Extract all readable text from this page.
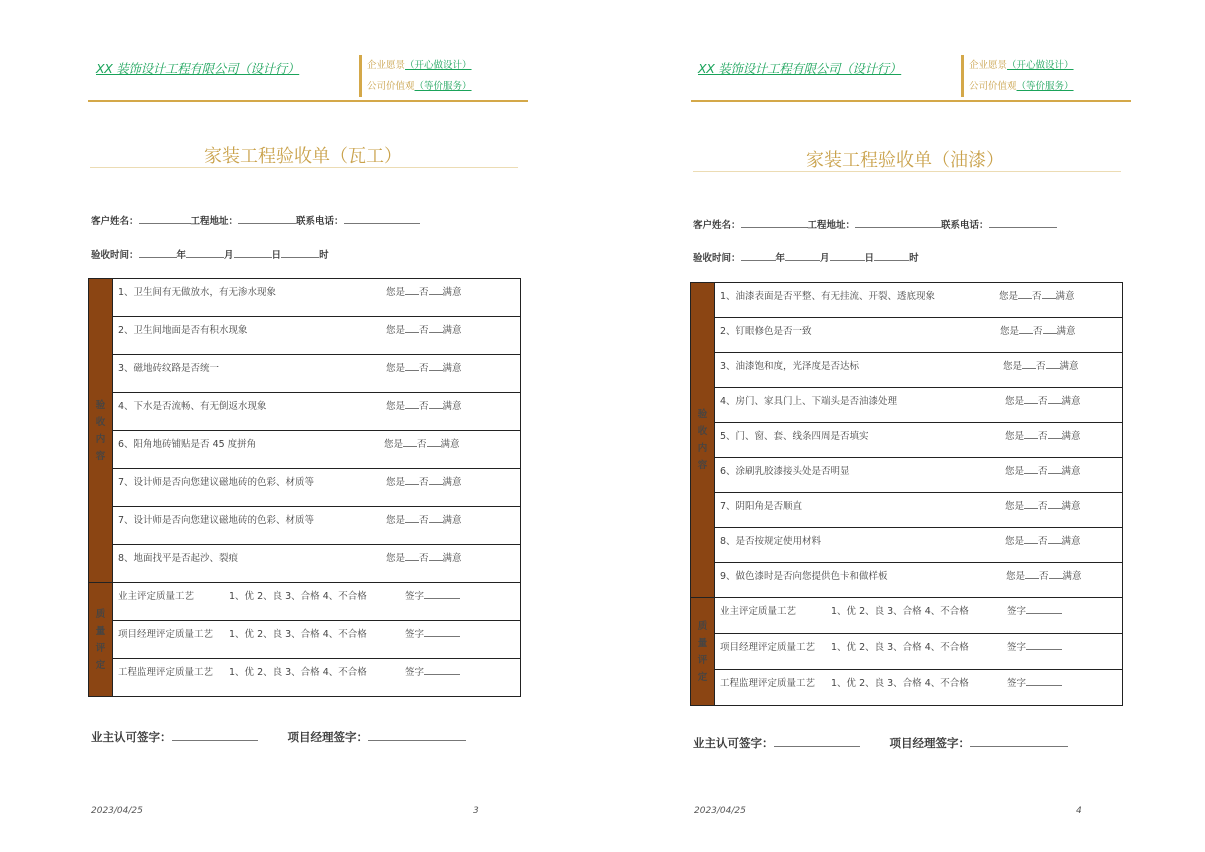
XX 装饰设计工程有限公司（设计行）	企业愿景（开心做设计）
公司价值观（等价服务）
家装工程验收单（瓦工）
客户姓名：	工程地址：	联系电话：
验收时间：	年	月	日	时
验
收
内
容	1、卫生间有无做放水，有无渗水现象 您是 否 满意

	2、卫生间地面是否有积水现象 您是 否 满意

	3、磁地砖纹路是否统一 您是 否 满意

	4、下水是否流畅、有无倒返水现象 您是 否 满意

	6、阳角地砖铺贴是否 45 度拼角 您是 否 满意

	7、设计师是否向您建议磁地砖的色彩、材质等 您是 否 满意

	7、设计师是否向您建议磁地砖的色彩、材质等 您是 否 满意

	8、地面找平是否起沙、裂痕 您是 否 满意

质
量
评
定	业主评定质量工艺 1、优 2、良 3、合格 4、不合格 签字

	项目经理评定质量工艺 1、优 2、良 3、合格 4、不合格 签字

	工程监理评定质量工艺 1、优 2、良 3、合格 4、不合格 签字
业主认可签字：	项目经理签字：
2023/04/25	3
XX 装饰设计工程有限公司（设计行）	企业愿景（开心做设计）
公司价值观（等价服务）
家装工程验收单（油漆）
客户姓名：	工程地址：	联系电话：
验收时间：	年	月	日	时
验
收
内
容	1、油漆表面是否平整、有无挂流、开裂、透底现象 您是 否 满意

	2、钉眼修色是否一致 您是 否 满意

	3、油漆饱和度，光泽度是否达标 您是 否 满意

	4、房门、家具门上、下端头是否油漆处理 您是 否 满意

	5、门、窗、套、线条四周是否填实 您是 否 满意

	6、涂刷乳胶漆接头处是否明显 您是 否 满意

	7、阴阳角是否顺直 您是 否 满意

	8、是否按规定使用材料 您是 否 满意

	9、做色漆时是否向您提供色卡和做样板 您是 否 满意

质
量
评
定	业主评定质量工艺 1、优 2、良 3、合格 4、不合格 签字

	项目经理评定质量工艺 1、优 2、良 3、合格 4、不合格 签字

	工程监理评定质量工艺 1、优 2、良 3、合格 4、不合格 签字
业主认可签字：	项目经理签字：
2023/04/25	4
